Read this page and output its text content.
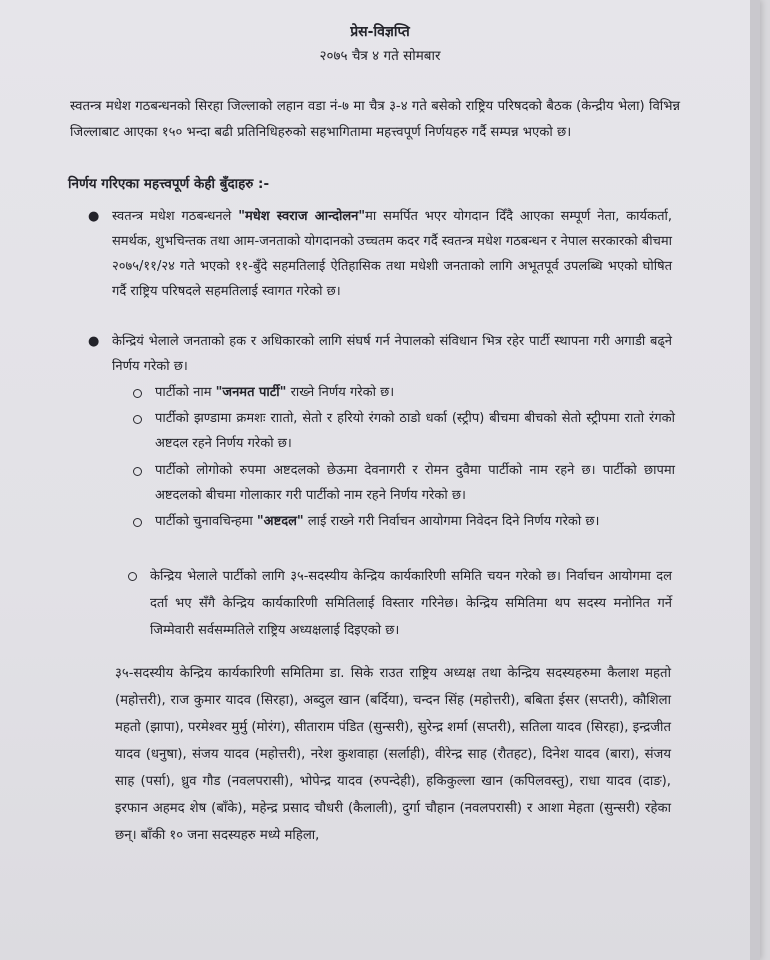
प्रेस-विज्ञप्ति
२०७५ चैत्र ४ गते सोमबार
स्वतन्त्र मधेश गठबन्धनको सिरहा जिल्लाको लहान वडा नं-७ मा चैत्र ३-४ गते बसेको राष्ट्रिय परिषदको बैठक (केन्द्रीय भेला) विभिन्न जिल्लाबाट आएका १५० भन्दा बढी प्रतिनिधिहरुको सहभागितामा महत्त्वपूर्ण निर्णयहरु गर्दै सम्पन्न भएको छ।
निर्णय गरिएका महत्त्वपूर्ण केही बुँदाहरु :-
● स्वतन्त्र मधेश गठबन्धनले "मधेश स्वराज आन्दोलन"मा समर्पित भएर योगदान दिँदै आएका सम्पूर्ण नेता, कार्यकर्ता, समर्थक, शुभचिन्तक तथा आम-जनताको योगदानको उच्चतम कदर गर्दै स्वतन्त्र मधेश गठबन्धन र नेपाल सरकारको बीचमा २०७५/११/२४ गते भएको ११-बुँदे सहमतिलाई ऐतिहासिक तथा मधेशी जनताको लागि अभूतपूर्व उपलब्धि भएको घोषित गर्दै राष्ट्रिय परिषदले सहमतिलाई स्वागत गरेको छ।
● केन्द्रियं भेलाले जनताको हक र अधिकारको लागि संघर्ष गर्न नेपालको संविधान भित्र रहेर पार्टी स्थापना गरी अगाडी बढ्ने निर्णय गरेको छ।
पार्टीको नाम "जनमत पार्टी" राख्ने निर्णय गरेको छ।
पार्टीको झण्डामा क्रमशः राातो, सेतो र हरियो रंगको ठाडो धर्का (स्ट्रीप) बीचमा बीचको सेतो स्ट्रीपमा रातो रंगको अष्टदल रहने निर्णय गरेको छ।
पार्टीको लोगोको रुपमा अष्टदलको छेऊमा देवनागरी र रोमन दुवैमा पार्टीको नाम रहने छ। पार्टीको छापमा अष्टदलको बीचमा गोलाकार गरी पार्टीको नाम रहने निर्णय गरेको छ।
पार्टीको चुनावचिन्हमा "अष्टदल" लाई राख्ने गरी निर्वाचन आयोगमा निवेदन दिने निर्णय गरेको छ।
केन्द्रिय भेलाले पार्टीको लागि ३५-सदस्यीय केन्द्रिय कार्यकारिणी समिति चयन गरेको छ। निर्वाचन आयोगमा दल दर्ता भए सँगै केन्द्रिय कार्यकारिणी समितिलाई विस्तार गरिनेछ। केन्द्रिय समितिमा थप सदस्य मनोनित गर्ने जिम्मेवारी सर्वसम्मतिले राष्ट्रिय अध्यक्षलाई दिइएको छ।
३५-सदस्यीय केन्द्रिय कार्यकारिणी समितिमा डा. सिके राउत राष्ट्रिय अध्यक्ष तथा केन्द्रिय सदस्यहरुमा कैलाश महतो (महोत्तरी), राज कुमार यादव (सिरहा), अब्दुल खान (बर्दिया), चन्दन सिंह (महोत्तरी), बबिता ईसर (सप्तरी), कौशिला महतो (झापा), परमेश्वर मुर्मु (मोरंग), सीताराम पंडित (सुन्सरी), सुरेन्द्र शर्मा (सप्तरी), सतिला यादव (सिरहा), इन्द्रजीत यादव (धनुषा), संजय यादव (महोत्तरी), नरेश कुशवाहा (सर्लाही), वीरेन्द्र साह (रौतहट), दिनेश यादव (बारा), संजय साह (पर्सा), ध्रुव गौड (नवलपरासी), भोपेन्द्र यादव (रुपन्देही), हकिकुल्ला खान (कपिलवस्तु), राधा यादव (दाङ), इरफान अहमद शेष (बाँके), महेन्द्र प्रसाद चौधरी (कैलाली), दुर्गा चौहान (नवलपरासी) र आशा मेहता (सुन्सरी) रहेका छन्। बाँकी १० जना सदस्यहरु मध्ये महिला,
